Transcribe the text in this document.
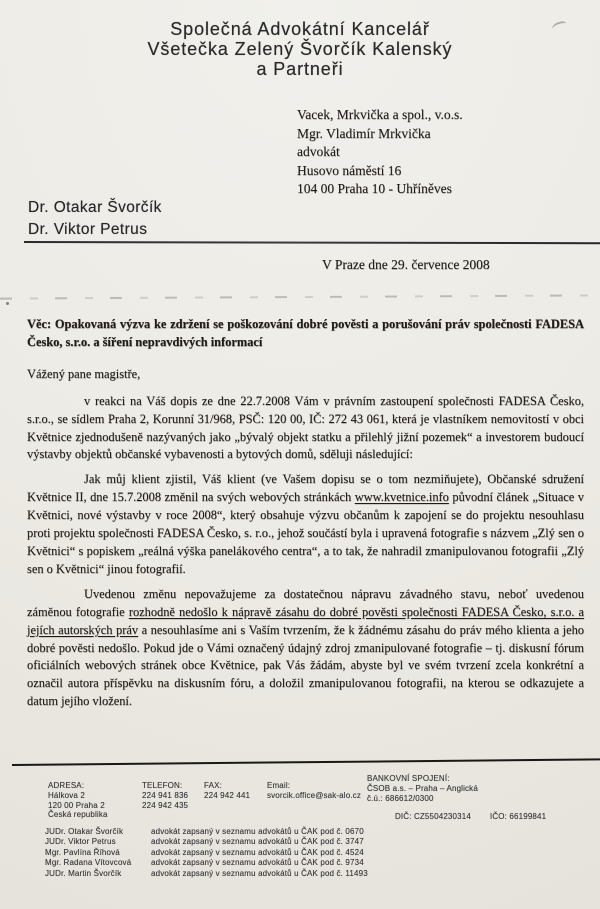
Společná Advokátní Kancelář
Všetečka Zelený Švorčík Kalenský
a Partneři
Vacek, Mrkvička a spol., v.o.s.
Mgr. Vladimír Mrkvička
advokát
Husovo náměstí 16
104 00 Praha 10 - Uhříněves
Dr. Otakar Švorčík
Dr. Viktor Petrus
V Praze dne 29. července 2008

Věc: Opakovaná výzva ke zdržení se poškozování dobré pověsti a porušování práv společnosti FADESA Česko, s.r.o. a šíření nepravdivých informací

Vážený pane magistře,

v reakci na Váš dopis ze dne 22.7.2008 Vám v právním zastoupení společnosti FADESA Česko, s.r.o., se sídlem Praha 2, Korunní 31/968, PSČ: 120 00, IČ: 272 43 061, která je vlastníkem nemovitostí v obci Květnice zjednodušeně nazývaných jako „bývalý objekt statku a přilehlý jižní pozemek“ a investorem budoucí výstavby objektů občanské vybavenosti a bytových domů, sděluji následující:

Jak můj klient zjistil, Váš klient (ve Vašem dopisu se o tom nezmiňujete), Občanské sdružení Květnice II, dne 15.7.2008 změnil na svých webových stránkách www.kvetnice.info původní článek „Situace v Květnici, nové výstavby v roce 2008“, který obsahuje výzvu občanům k zapojení se do projektu nesouhlasu proti projektu společnosti FADESA Česko, s. r.o., jehož součástí byla i upravená fotografie s názvem „Zlý sen o Květnici“ s popiskem „reálná výška panelákového centra“, a to tak, že nahradil zmanipulovanou fotografii „Zlý sen o Květnici“ jinou fotografií.

Uvedenou změnu nepovažujeme za dostatečnou nápravu závadného stavu, neboť uvedenou záměnou fotografie rozhodně nedošlo k nápravě zásahu do dobré pověsti společnosti FADESA Česko, s.r.o. a jejích autorských práv a nesouhlasíme ani s Vaším tvrzením, že k žádnému zásahu do práv mého klienta a jeho dobré pověsti nedošlo. Pokud jde o Vámi označený údajný zdroj zmanipulované fotografie – tj. diskusní fórum oficiálních webových stránek obce Květnice, pak Vás žádám, abyste byl ve svém tvrzení zcela konkrétní a označil autora příspěvku na diskusním fóru, a doložil zmanipulovanou fotografii, na kterou se odkazujete a datum jejího vložení.

ADRESA:
Hálkova 2
120 00 Praha 2
Česká republika
TELEFON:
224 941 836
224 942 435
FAX:
224 942 441
Email:
svorcik.office@sak-alo.cz
BANKOVNÍ SPOJENÍ:
ČSOB a.s. – Praha – Anglická
č.ú.: 686612/0300
DIČ: CZ5504230314 IČO: 66199841
JUDr. Otakar Švorčík	advokát zapsaný v seznamu advokátů u ČAK pod č. 0670
JUDr. Viktor Petrus	advokát zapsaný v seznamu advokátů u ČAK pod č. 3747
Mgr. Pavlína Říhová	advokát zapsaný v seznamu advokátů u ČAK pod č. 4524
Mgr. Radana Vítovcová	advokát zapsaný v seznamu advokátů u ČAK pod č. 9734
JUDr. Martin Švorčík	advokát zapsaný v seznamu advokátů u ČAK pod č. 11493
